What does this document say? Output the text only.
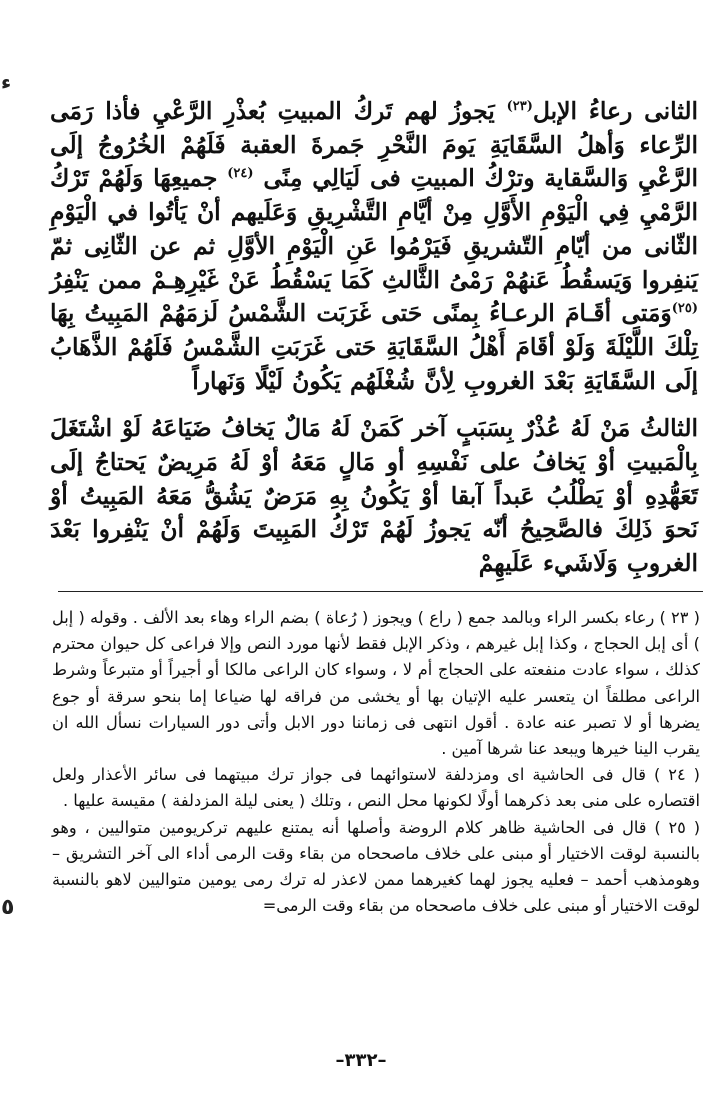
ء

الثانى رعاءُ الإبل$^{(٢٣)}$ يَجوزُ لهم تَركُ المبيتِ بُعذْرِ الرَّعْيِ فأذا رَمَى الرِّعاء وَأهلُ السَّقَايَةِ يَومَ النَّحْرِ جَمرةَ العقبة فَلَهُمْ الخُرُوجُ إلَى الرَّعْيِ وَالسَّقاية وترْكُ المبيتِ فى لَيَالِي مِنًى $^{(٢٤)}$ جميعِهَا وَلَهُمْ تَرْكُ الرَّمْيِ فِي الْيَوْمِ الأَوَّلِ مِنْ أيَّامِ التَّشْرِيقِ وَعَلَيهم أنْ يَأتُوا في الْيَوْمِ الثّانى من أيّامِ التّشريقِ فَيَرْمُوا عَنِ الْيَوْمِ الأوَّلِ ثم عن الثّانِى ثمّ يَنفِروا وَيَسقُطُ عَنهُمْ رَمْىُ الثَّالثِ كَمَا يَسْقُطُ عَنْ غَيْرِهِـمْ ممن يَنْفِرُ $^{(٢٥)}$وَمَتى أقَـامَ الرعـاءُ بِمنًى حَتى غَرَبَت الشَّمْسُ لَزمَهُمْ المَبِيتُ بِهَا تِلْكَ اللَّيْلَةَ وَلَوْ أقَامَ أَهْلُ السَّقَايَةِ حَتى غَرَبَتِ الشَّمْسُ فَلَهُمْ الذَّهَابُ إلَى السَّقَايَةِ بَعْدَ الغروبِ لِأنَّ شُغْلَهُم يَكُونُ لَيْلًا وَنَهاراً

الثالثُ مَنْ لَهُ عُذْرٌ بِسَبَبٍ آخر كَمَنْ لَهُ مَالٌ يَخافُ ضَيَاعَهُ لَوْ اشْتَغَلَ بِالْمَبيتِ أوْ يَخافُ على نَفْسِهِ أو مَالٍ مَعَهُ أوْ لَهُ مَرِيضٌ يَحتاجُ إلَى تَعَهُّدِهِ أوْ يَطْلُبُ عَبداً آبقا أوْ يَكُونُ بِهِ مَرَضٌ يَشُقُّ مَعَهُ المَبِيتُ أوْ نَحوَ ذَلِكَ فالصَّحِيحُ أنّه يَجوزُ لَهُمْ تَرْكُ المَبِيتَ وَلَهُمْ أنْ يَنْفِروا بَعْدَ الغروبِ وَلَاشَيء عَلَيهِمْ

( ٢٣ ) رعاء بكسر الراء وبالمد جمع ( راع ) ويجوز ( رُعاة ) بضم الراء وهاء بعد الألف . وقوله ( إبل ) أى إبل الحجاج ، وكذا إبل غيرهم ، وذكر الإبل فقط لأنها مورد النص وإلا فراعى كل حيوان محترم كذلك ، سواء عادت منفعته على الحجاج أم لا ، وسواء كان الراعى مالكا أو أجيراً أو متبرعاً وشرط الراعى مطلقاً ان يتعسر عليه الإتيان بها أو يخشى من فراقه لها ضياعا إما بنحو سرقة أو جوع يضرها أو لا تصبر عنه عادة . أقول انتهى فى زماننا دور الابل وأتى دور السيارات نسأل الله ان يقرب الينا خيرها ويبعد عنا شرها آمين .

( ٢٤ ) قال فى الحاشية اى ومزدلفة لاستوائهما فى جواز ترك مبيتهما فى سائر الأعذار ولعل اقتصاره على منى بعد ذكرهما أولًا لكونها محل النص ، وتلك ( يعنى ليلة المزدلفة ) مقيسة عليها .

( ٢٥ ) قال فى الحاشية ظاهر كلام الروضة وأصلها أنه يمتنع عليهم تركريومين متواليين ، وهو بالنسبة لوقت الاختيار أو مبنى على خلاف ماصححاه من بقاء وقت الرمى أداء الى آخر التشريق – وهومذهب أحمد – فعليه يجوز لهما كغيرهما ممن لاعذر له ترك رمى يومين متواليين لاهو بالنسبة لوقت الاختيار أو مبنى على خلاف ماصححاه من بقاء وقت الرمى=

٥
–٣٣٢–
